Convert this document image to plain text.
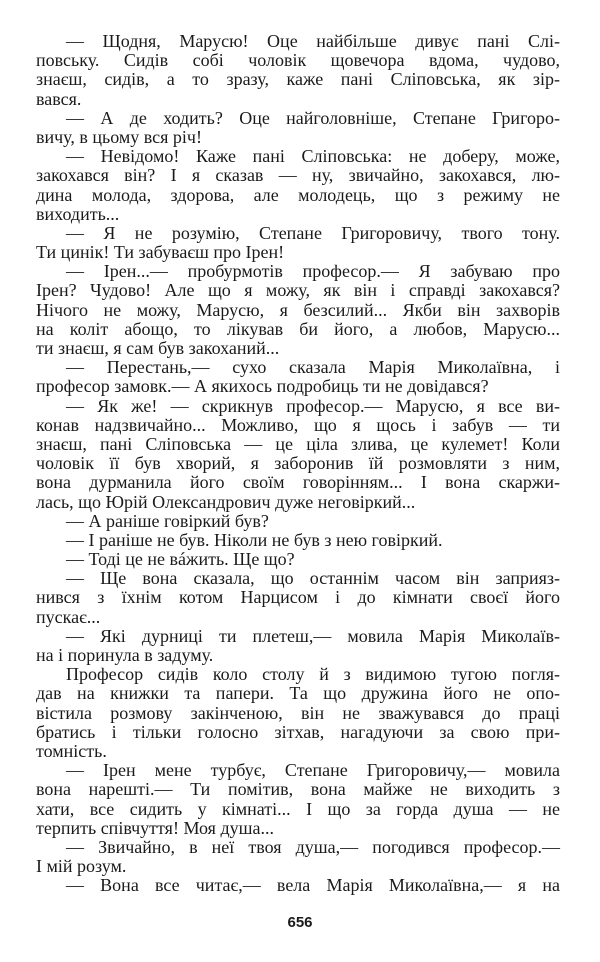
— Щодня, Марусю! Оце найбільше дивує пані Слі-
повську. Сидів собі чоловік щовечора вдома, чудово,
знаєш, сидів, а то зразу, каже пані Сліповська, як зір-
вався.
— А де ходить? Оце найголовніше, Степане Григоро-
вичу, в цьому вся річ!
— Невідомо! Каже пані Сліповська: не доберу, може,
закохався він? І я сказав — ну, звичайно, закохався, лю-
дина молода, здорова, але молодець, що з режиму не
виходить...
— Я не розумію, Степане Григоровичу, твого тону.
Ти цинік! Ти забуваєш про Ірен!
— Ірен...— пробурмотів професор.— Я забуваю про
Ірен? Чудово! Але що я можу, як він і справді закохався?
Нічого не можу, Марусю, я безсилий... Якби він захворів
на коліт абощо, то лікував би його, а любов, Марусю...
ти знаєш, я сам був закоханий...
— Перестань,— сухо сказала Марія Миколаївна, і
професор замовк.— А якихось подробиць ти не довідався?
— Як же! — скрикнув професор.— Марусю, я все ви-
конав надзвичайно... Можливо, що я щось і забув — ти
знаєш, пані Сліповська — це ціла злива, це кулемет! Коли
чоловік її був хворий, я заборонив їй розмовляти з ним,
вона дурманила його своїм говорінням... І вона скаржи-
лась, що Юрій Олександрович дуже неговіркий...
— А раніше говіркий був?
— І раніше не був. Ніколи не був з нею говіркий.
— Тоді це не вáжить. Ще що?
— Ще вона сказала, що останнім часом він заприяз-
нився з їхнім котом Нарцисом і до кімнати своєї його
пускає...
— Які дурниці ти плетеш,— мовила Марія Миколаїв-
на і поринула в задуму.
Професор сидів коло столу й з видимою тугою погля-
дав на книжки та папери. Та що дружина його не опо-
вістила розмову закінченою, він не зважувався до праці
братись і тільки голосно зітхав, нагадуючи за свою при-
томність.
— Ірен мене турбує, Степане Григоровичу,— мовила
вона нарешті.— Ти помітив, вона майже не виходить з
хати, все сидить у кімнаті... І що за горда душа — не
терпить співчуття! Моя душа...
— Звичайно, в неї твоя душа,— погодився професор.—
І мій розум.
— Вона все читає,— вела Марія Миколаївна,— я на
656
